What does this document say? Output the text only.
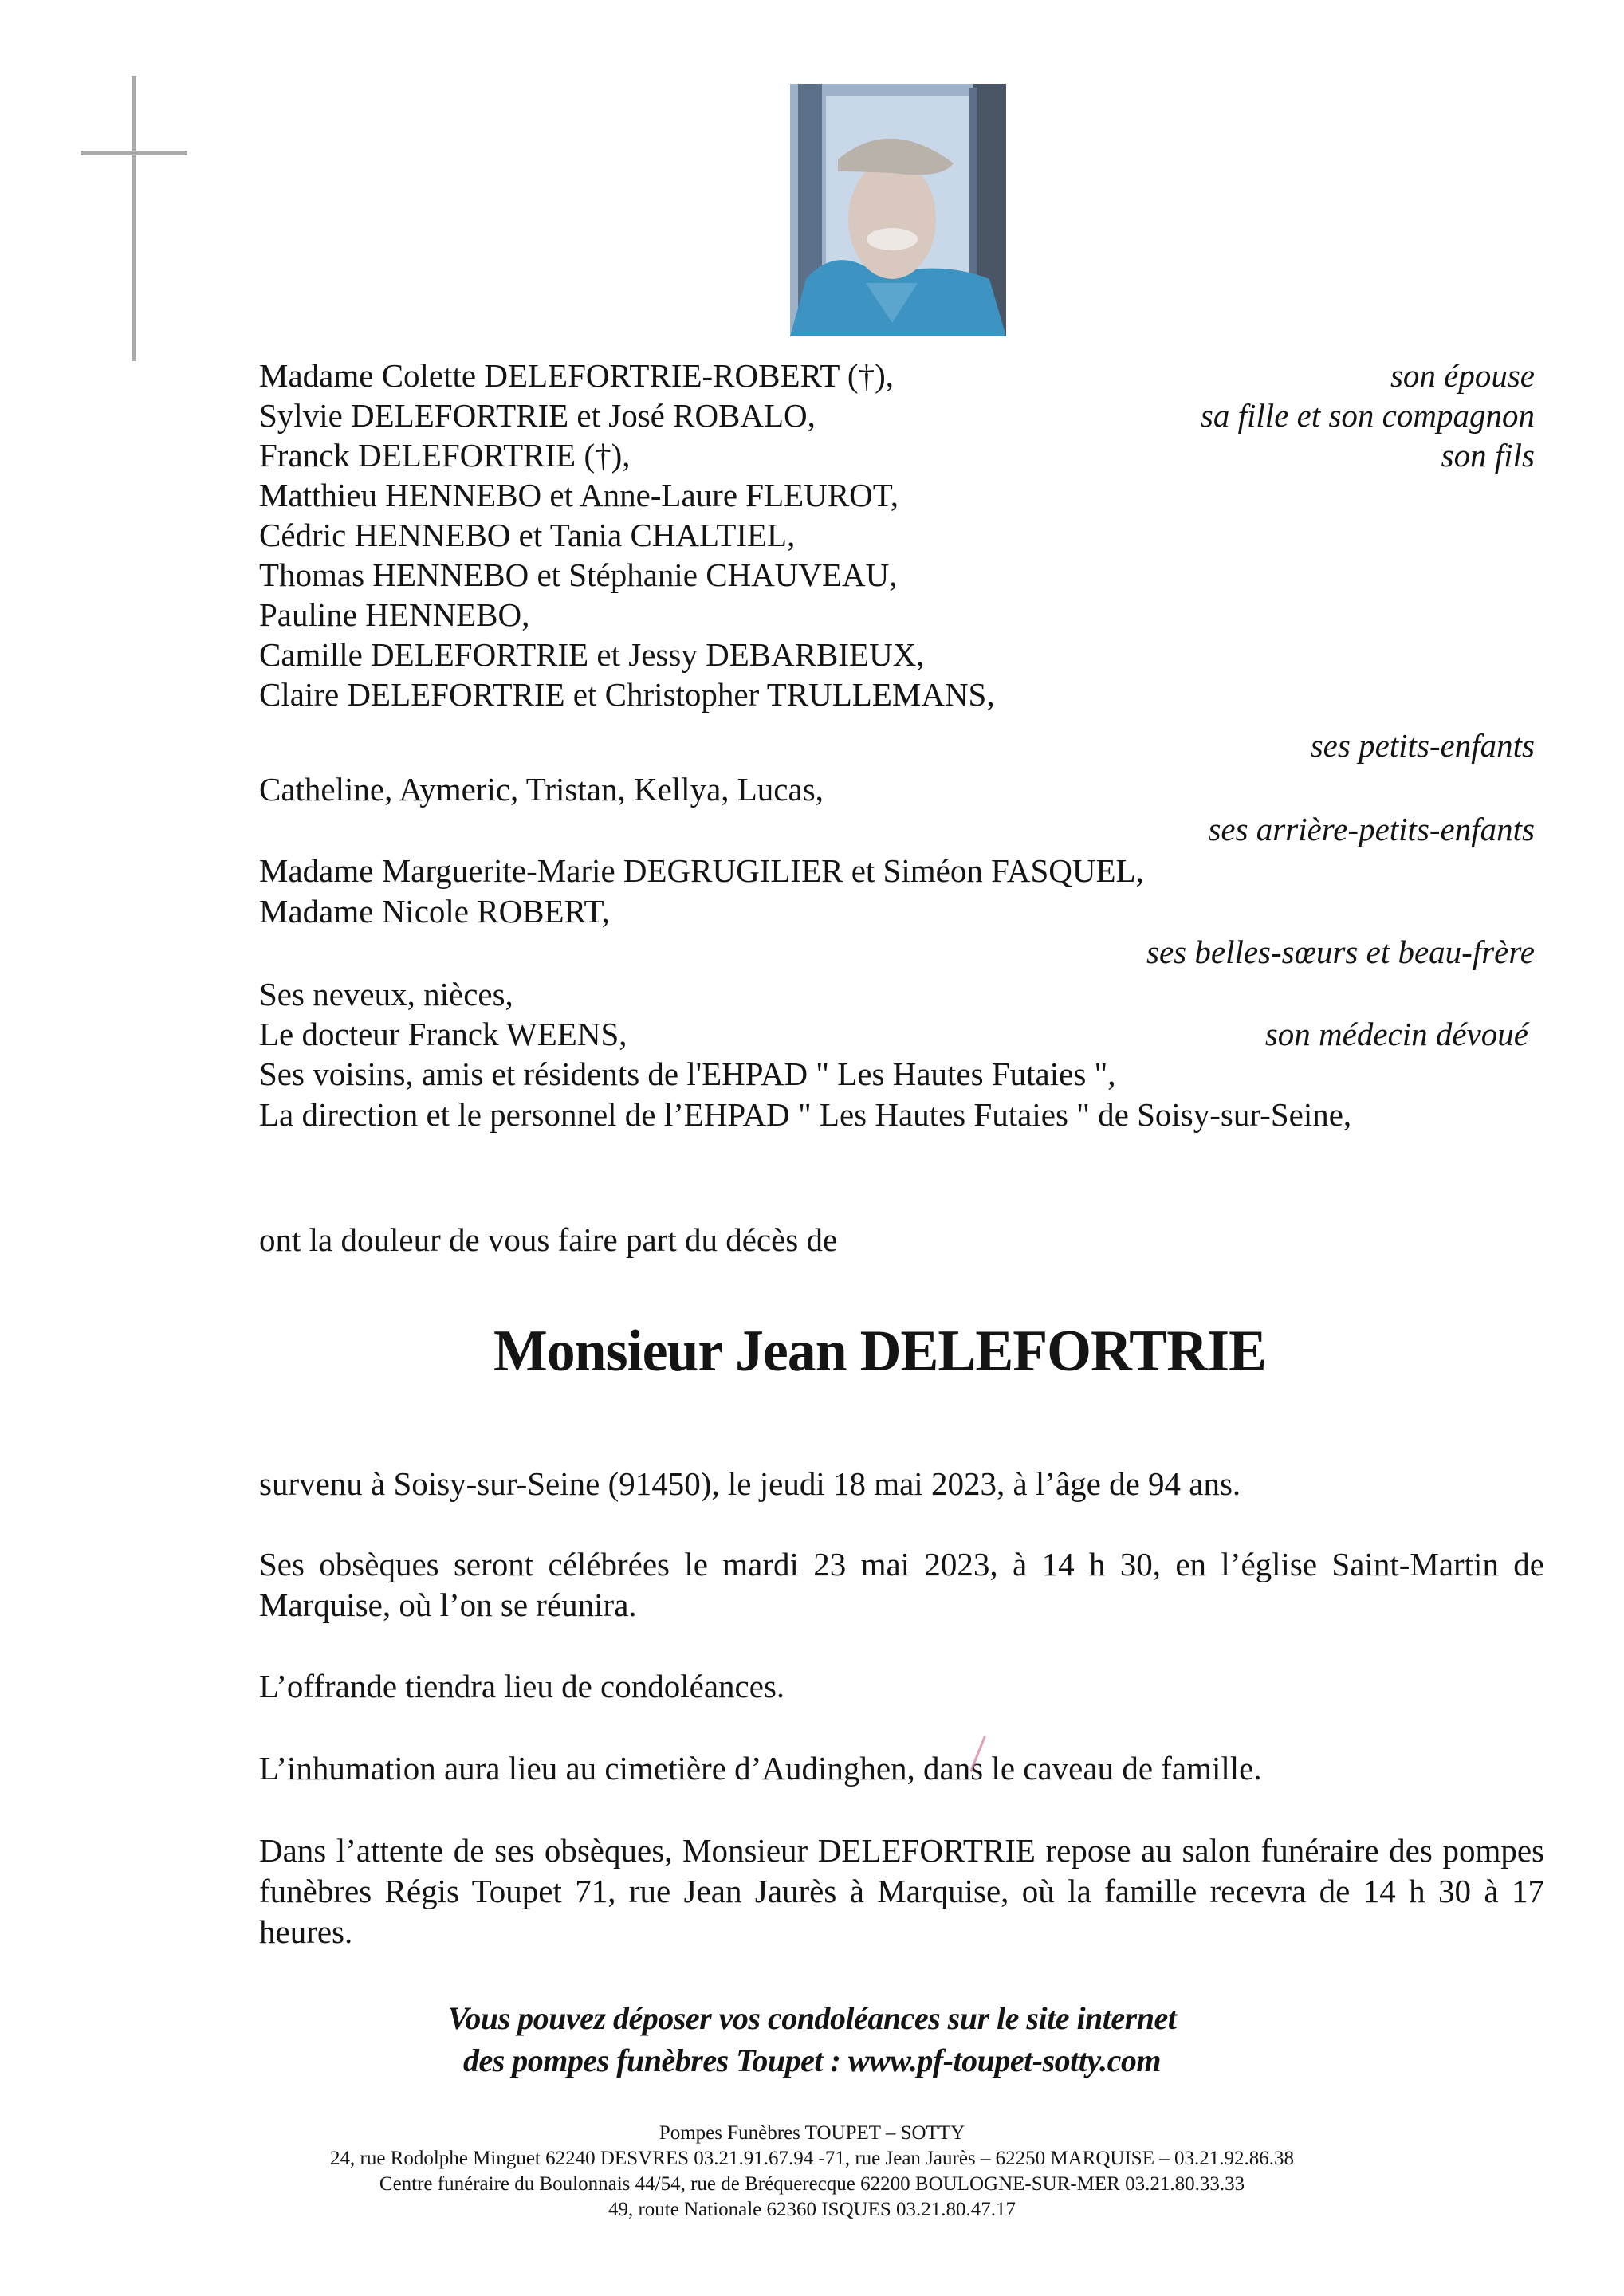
Madame Colette DELEFORTRIE-ROBERT (†),	son épouse
Sylvie DELEFORTRIE et José ROBALO,	sa fille et son compagnon
Franck DELEFORTRIE (†),	son fils
Matthieu HENNEBO et Anne-Laure FLEUROT,
Cédric HENNEBO et Tania CHALTIEL,
Thomas HENNEBO et Stéphanie CHAUVEAU,
Pauline HENNEBO,
Camille DELEFORTRIE et Jessy DEBARBIEUX,
Claire DELEFORTRIE et Christopher TRULLEMANS,
ses petits-enfants
Catheline, Aymeric, Tristan, Kellya, Lucas,
ses arrière-petits-enfants
Madame Marguerite-Marie DEGRUGILIER et Siméon FASQUEL,
Madame Nicole ROBERT,
ses belles-sœurs et beau-frère
Ses neveux, nièces,
Le docteur Franck WEENS,	son médecin dévoué
Ses voisins, amis et résidents de l'EHPAD " Les Hautes Futaies ",
La direction et le personnel de l’EHPAD " Les Hautes Futaies " de Soisy-sur-Seine,
ont la douleur de vous faire part du décès de
Monsieur Jean DELEFORTRIE
survenu à Soisy-sur-Seine (91450), le jeudi 18 mai 2023, à l’âge de 94 ans.
Ses obsèques seront célébrées le mardi 23 mai 2023, à 14 h 30, en l’église Saint-Martin de Marquise, où l’on se réunira.
L’offrande tiendra lieu de condoléances.
L’inhumation aura lieu au cimetière d’Audinghen, dans le caveau de famille.
Dans l’attente de ses obsèques, Monsieur DELEFORTRIE repose au salon funéraire des pompes funèbres Régis Toupet 71, rue Jean Jaurès à Marquise, où la famille recevra de 14 h 30 à 17 heures.
Vous pouvez déposer vos condoléances sur le site internet
des pompes funèbres Toupet : www.pf-toupet-sotty.com
Pompes Funèbres TOUPET – SOTTY
24, rue Rodolphe Minguet 62240 DESVRES 03.21.91.67.94 -71, rue Jean Jaurès – 62250 MARQUISE – 03.21.92.86.38
Centre funéraire du Boulonnais 44/54, rue de Bréquerecque 62200 BOULOGNE-SUR-MER 03.21.80.33.33
49, route Nationale 62360 ISQUES 03.21.80.47.17
